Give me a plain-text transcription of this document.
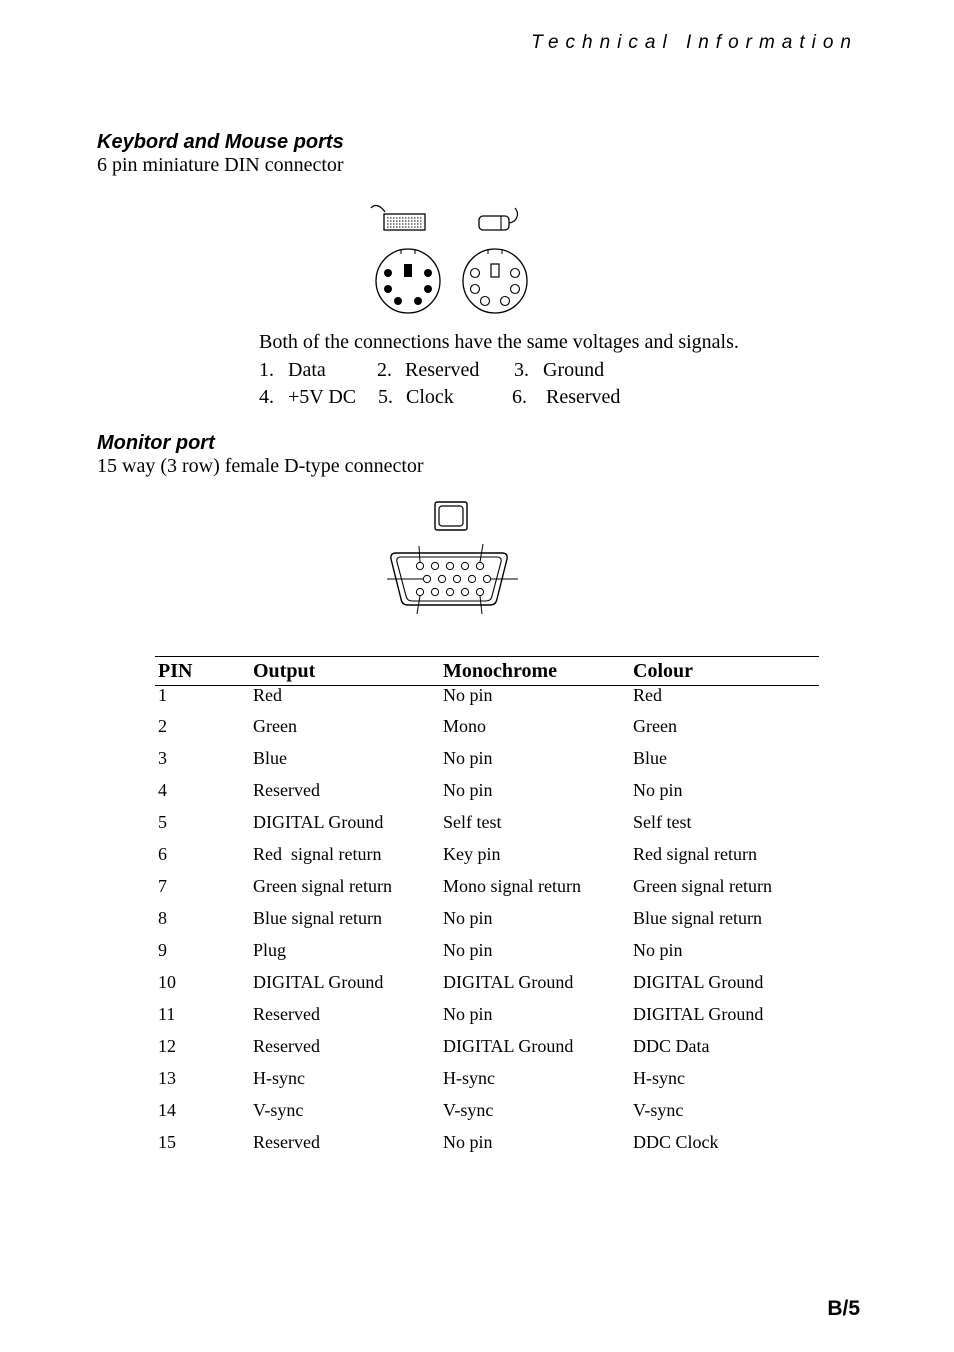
Technical Information
Keybord and Mouse ports
6 pin miniature DIN connector
Both of the connections have the same voltages and signals.
1. Data	2. Reserved 3. Ground
4. +5V DC 5. Clock	6. Reserved
Monitor port
15 way (3 row) female D-type connector
PIN	Output	Monochrome	Colour
1	Red	No pin	Red
2	Green	Mono	Green
3	Blue	No pin	Blue
4	Reserved	No pin	No pin
5	DIGITAL Ground	Self test	Self test
6	Red  signal return	Key pin	Red signal return
7	Green signal return	Mono signal return	Green signal return
8	Blue signal return	No pin	Blue signal return
9	Plug	No pin	No pin
10	DIGITAL Ground	DIGITAL Ground	DIGITAL Ground
11	Reserved	No pin	DIGITAL Ground
12	Reserved	DIGITAL Ground	DDC Data
13	H-sync	H-sync	H-sync
14	V-sync	V-sync	V-sync
15	Reserved	No pin	DDC Clock
B/5
